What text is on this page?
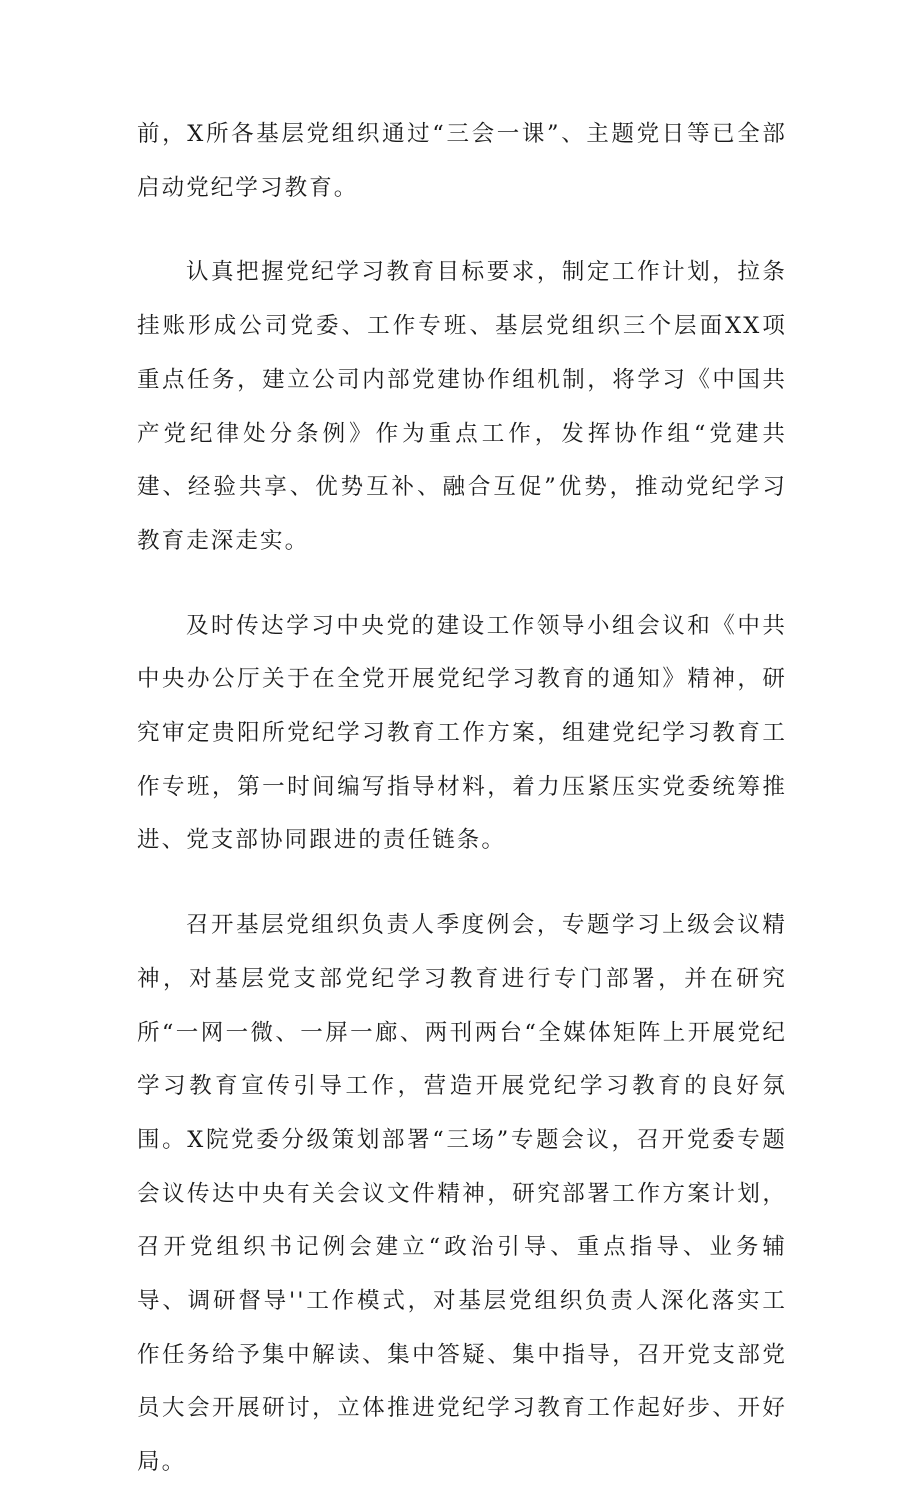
前，X所各基层党组织通过“三会一课”、主题党日等已全部启动党纪学习教育。

认真把握党纪学习教育目标要求，制定工作计划，拉条挂账形成公司党委、工作专班、基层党组织三个层面XX项重点任务，建立公司内部党建协作组机制，将学习《中国共产党纪律处分条例》作为重点工作，发挥协作组“党建共建、经验共享、优势互补、融合互促”优势，推动党纪学习教育走深走实。

及时传达学习中央党的建设工作领导小组会议和《中共中央办公厅关于在全党开展党纪学习教育的通知》精神，研究审定贵阳所党纪学习教育工作方案，组建党纪学习教育工作专班，第一时间编写指导材料，着力压紧压实党委统筹推进、党支部协同跟进的责任链条。

召开基层党组织负责人季度例会，专题学习上级会议精神，对基层党支部党纪学习教育进行专门部署，并在研究所“一网一微、一屏一廊、两刊两台“全媒体矩阵上开展党纪学习教育宣传引导工作，营造开展党纪学习教育的良好氛围。X院党委分级策划部署“三场”专题会议，召开党委专题会议传达中央有关会议文件精神，研究部署工作方案计划，召开党组织书记例会建立“政治引导、重点指导、业务辅导、调研督导''工作模式，对基层党组织负责人深化落实工作任务给予集中解读、集中答疑、集中指导，召开党支部党员大会开展研讨，立体推进党纪学习教育工作起好步、开好局。
